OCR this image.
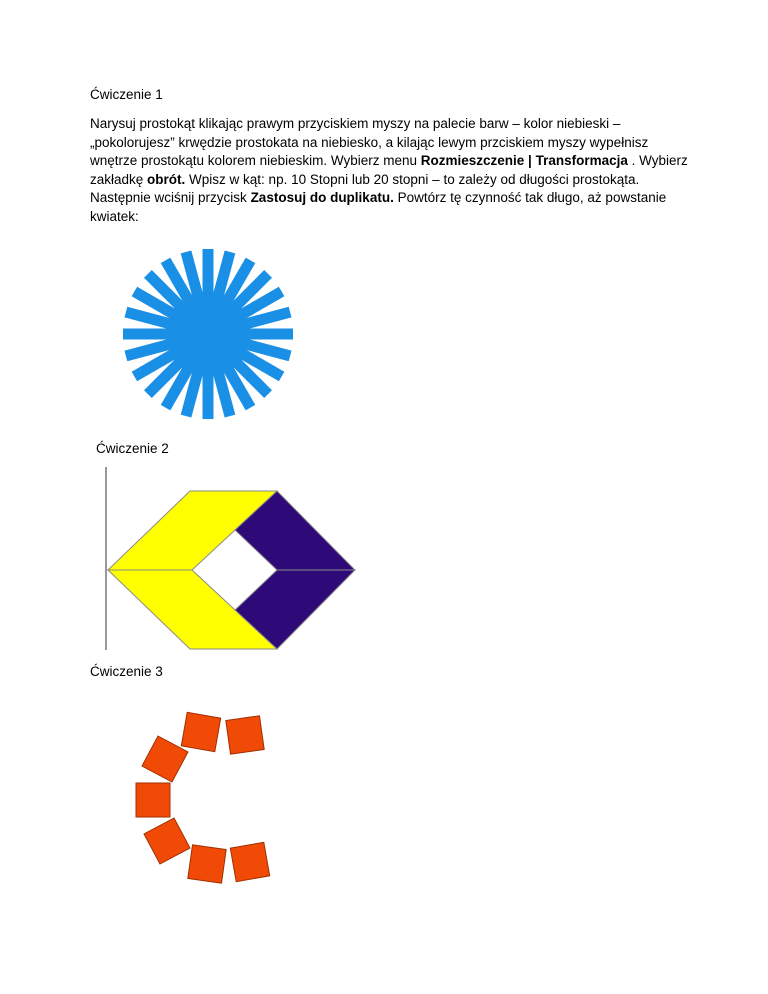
Ćwiczenie 1
Narysuj prostokąt klikając prawym przyciskiem myszy na palecie barw – kolor niebieski –
„pokolorujesz” krwędzie prostokata na niebiesko, a kilając lewym przciskiem myszy wypełnisz
wnętrze prostokątu kolorem niebieskim. Wybierz menu Rozmieszczenie | Transformacja . Wybierz
zakładkę obrót. Wpisz w kąt: np. 10 Stopni lub 20 stopni – to zależy od długości prostokąta.
Następnie wciśnij przycisk Zastosuj do duplikatu. Powtórz tę czynność tak długo, aż powstanie
kwiatek:
Ćwiczenie 2
Ćwiczenie 3
